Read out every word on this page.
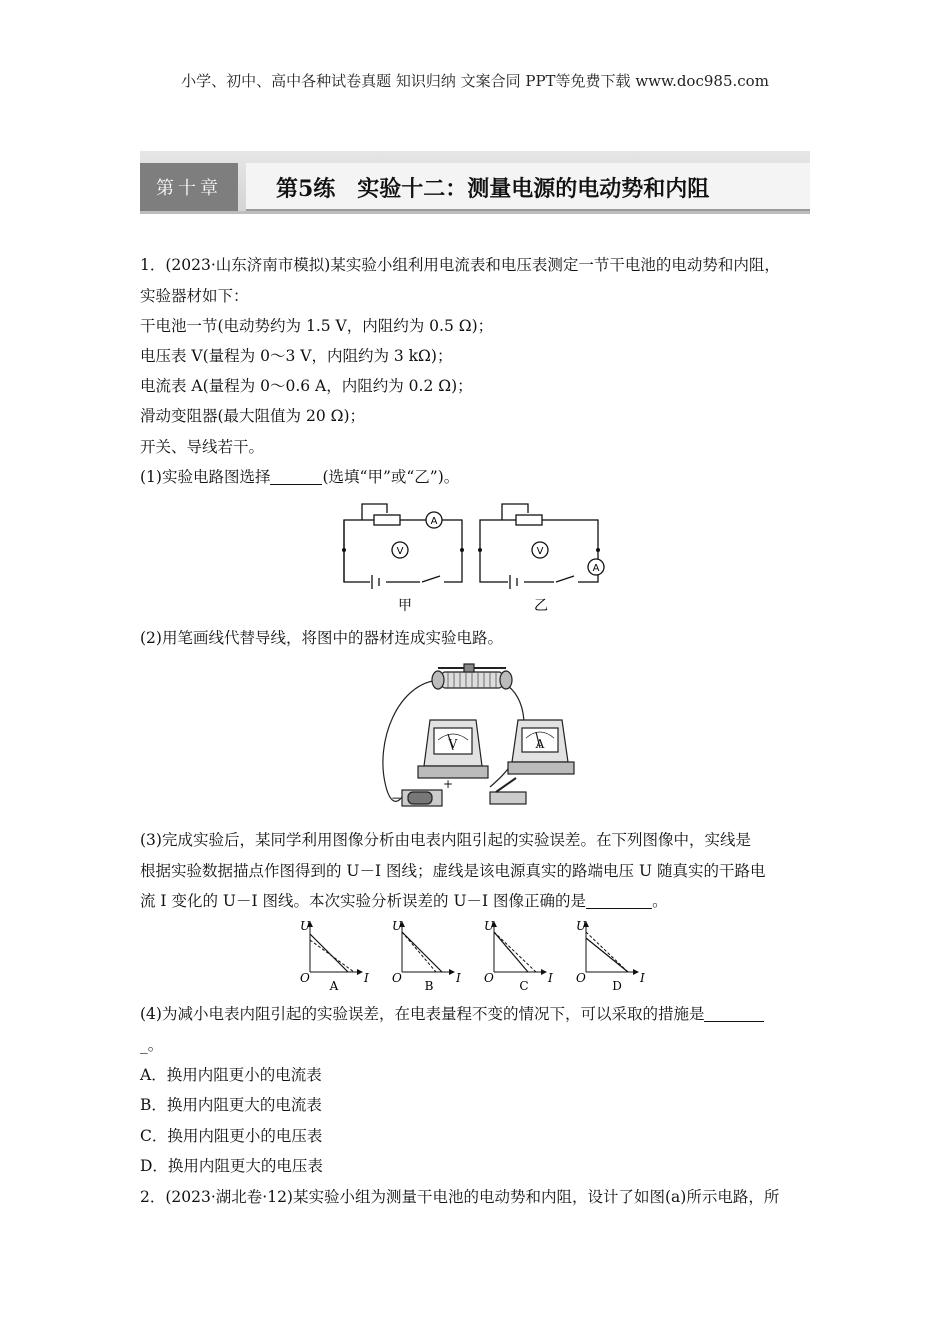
小学、初中、高中各种试卷真题 知识归纳 文案合同 PPT等免费下载 www.doc985.com
第十章	第5练　实验十二：测量电源的电动势和内阻
1．(2023·山东济南市模拟)某实验小组利用电流表和电压表测定一节干电池的电动势和内阻，
实验器材如下：
干电池一节(电动势约为 1.5 V，内阻约为 0.5 Ω)；
电压表 V(量程为 0～3 V，内阻约为 3 kΩ)；
电流表 A(量程为 0～0.6 A，内阻约为 0.2 Ω)；
滑动变阻器(最大阻值为 20 Ω)；
开关、导线若干。
(1)实验电路图选择	(选填“甲”或“乙”)。
A
V	V
A
甲	乙
(2)用笔画线代替导线，将图中的器材连成实验电路。
V	A
−
+
(3)完成实验后，某同学利用图像分析由电表内阻引起的实验误差。在下列图像中，实线是
根据实验数据描点作图得到的 U－I 图线；虚线是该电源真实的路端电压 U 随真实的干路电
流 I 变化的 U－I 图线。本次实验分析误差的 U－I 图像正确的是	。
U
O	I
A
U
O	I
B
U
O	I
C
U
O	I
D
(4)为减小电表内阻引起的实验误差，在电表量程不变的情况下，可以采取的措施是
_。
A．换用内阻更小的电流表
B．换用内阻更大的电流表
C．换用内阻更小的电压表
D．换用内阻更大的电压表
2．(2023·湖北卷·12)某实验小组为测量干电池的电动势和内阻，设计了如图(a)所示电路，所
